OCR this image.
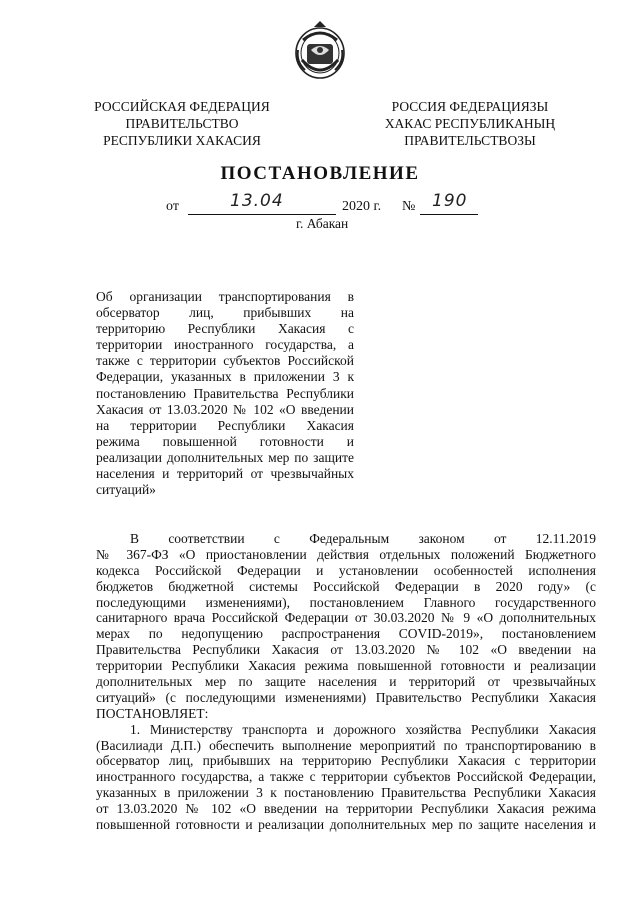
РОССИЙСКАЯ ФЕДЕРАЦИЯ
ПРАВИТЕЛЬСТВО
РЕСПУБЛИКИ ХАКАСИЯ
РОССИЯ ФЕДЕРАЦИЯЗЫ
ХАКАС РЕСПУБЛИКАНЫҢ
ПРАВИТЕЛЬСТВОЗЫ
ПОСТАНОВЛЕНИЕ
от	13.04	2020 г. № 190
г. Абакан
Об организации транспортирования в
обсерватор лиц, прибывших на
территорию Республики Хакасия с
территории иностранного государства, а
также с территории субъектов Российской
Федерации, указанных в приложении 3 к
постановлению Правительства Республики
Хакасия от 13.03.2020 № 102 «О введении
на территории Республики Хакасия
режима повышенной готовности и
реализации дополнительных мер по защите
населения и территорий от чрезвычайных
ситуаций»
В соответствии с Федеральным законом от 12.11.2019
№ 367-ФЗ «О приостановлении действия отдельных положений Бюджетного
кодекса Российской Федерации и установлении особенностей исполнения
бюджетов бюджетной системы Российской Федерации в 2020 году» (с
последующими изменениями), постановлением Главного государственного
санитарного врача Российской Федерации от 30.03.2020 № 9 «О дополнительных
мерах по недопущению распространения COVID-2019», постановлением
Правительства Республики Хакасия от 13.03.2020 № 102 «О введении на
территории Республики Хакасия режима повышенной готовности и реализации
дополнительных мер по защите населения и территорий от чрезвычайных
ситуаций» (с последующими изменениями) Правительство Республики Хакасия
ПОСТАНОВЛЯЕТ:
1. Министерству транспорта и дорожного хозяйства Республики Хакасия
(Василиади Д.П.) обеспечить выполнение мероприятий по транспортированию в
обсерватор лиц, прибывших на территорию Республики Хакасия с территории
иностранного государства, а также с территории субъектов Российской Федерации,
указанных в приложении 3 к постановлению Правительства Республики Хакасия
от 13.03.2020 № 102 «О введении на территории Республики Хакасия режима
повышенной готовности и реализации дополнительных мер по защите населения и
